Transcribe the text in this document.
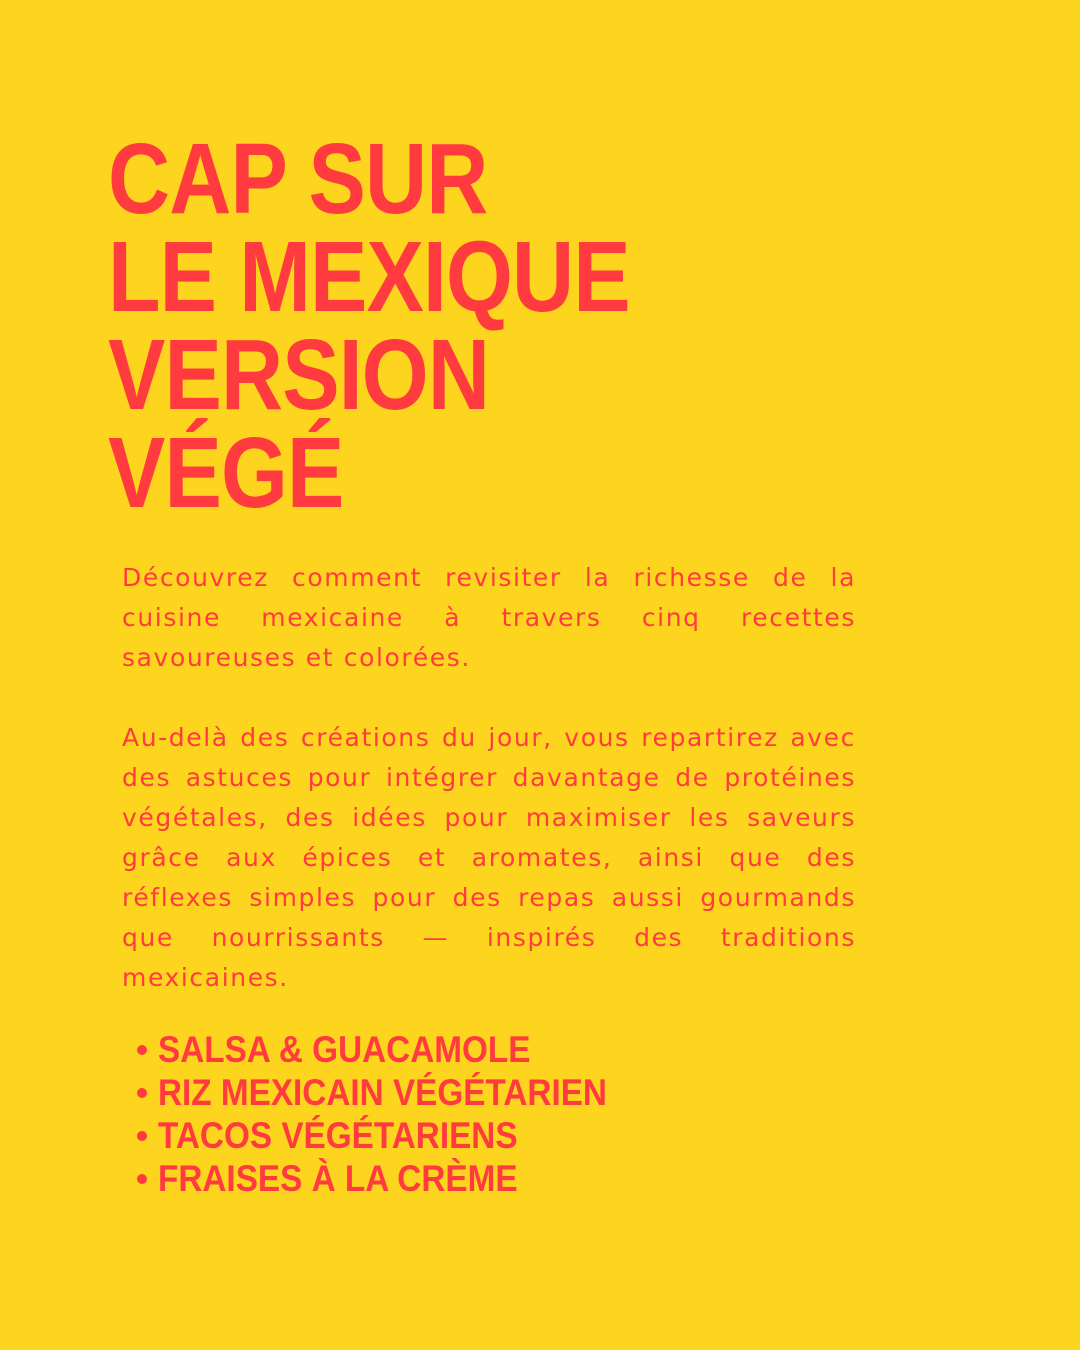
CAP SUR
LE MEXIQUE
VERSION
VÉGÉ

Découvrez comment revisiter la richesse de la cuisine mexicaine à travers cinq recettes savoureuses et colorées.

Au-delà des créations du jour, vous repartirez avec des astuces pour intégrer davantage de protéines végétales, des idées pour maximiser les saveurs grâce aux épices et aromates, ainsi que des réflexes simples pour des repas aussi gourmands que nourrissants — inspirés des traditions mexicaines.

SALSA & GUACAMOLE
RIZ MEXICAIN VÉGÉTARIEN
TACOS VÉGÉTARIENS
FRAISES À LA CRÈME
